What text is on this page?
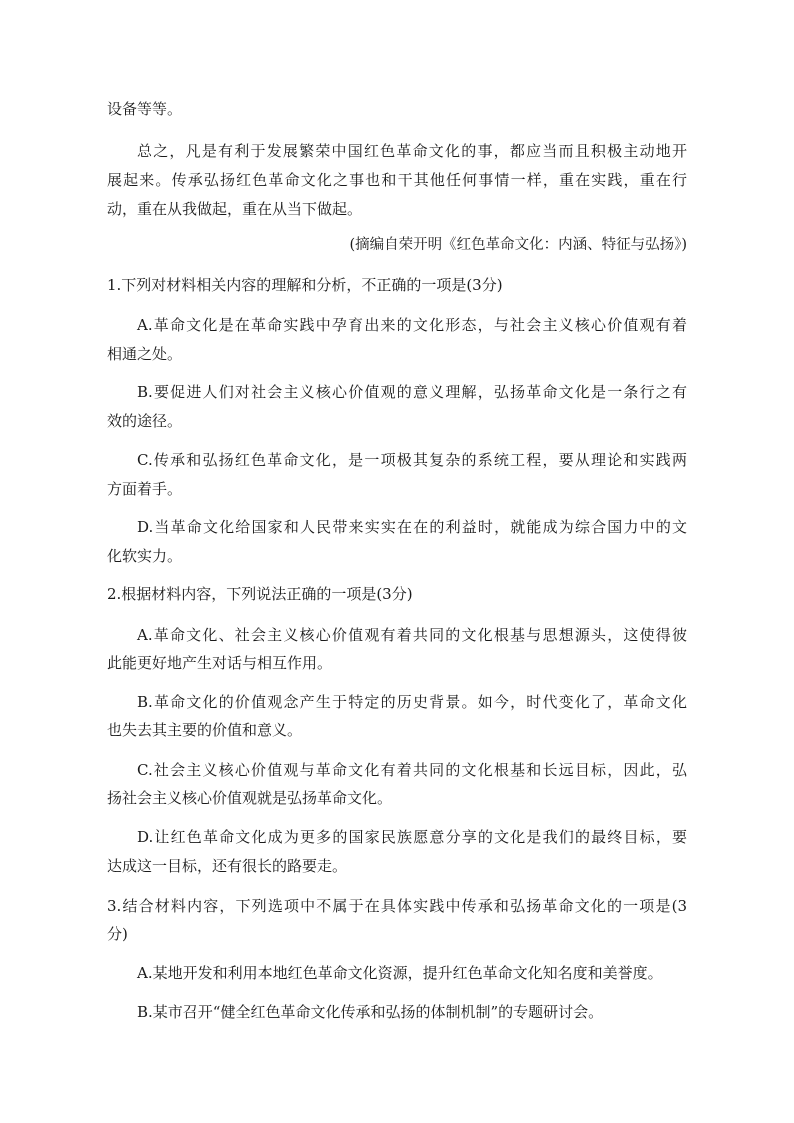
设备等等。
总之，凡是有利于发展繁荣中国红色革命文化的事，都应当而且积极主动地开
展起来。传承弘扬红色革命文化之事也和干其他任何事情一样，重在实践，重在行
动，重在从我做起，重在从当下做起。
(摘编自荣开明《红色革命文化：内涵、特征与弘扬》)
1.下列对材料相关内容的理解和分析，不正确的一项是(3分)
A.革命文化是在革命实践中孕育出来的文化形态，与社会主义核心价值观有着
相通之处。
B.要促进人们对社会主义核心价值观的意义理解，弘扬革命文化是一条行之有
效的途径。
C.传承和弘扬红色革命文化，是一项极其复杂的系统工程，要从理论和实践两
方面着手。
D.当革命文化给国家和人民带来实实在在的利益时，就能成为综合国力中的文
化软实力。
2.根据材料内容，下列说法正确的一项是(3分)
A.革命文化、社会主义核心价值观有着共同的文化根基与思想源头，这使得彼
此能更好地产生对话与相互作用。
B.革命文化的价值观念产生于特定的历史背景。如今，时代变化了，革命文化
也失去其主要的价值和意义。
C.社会主义核心价值观与革命文化有着共同的文化根基和长远目标，因此，弘
扬社会主义核心价值观就是弘扬革命文化。
D.让红色革命文化成为更多的国家民族愿意分享的文化是我们的最终目标，要
达成这一目标，还有很长的路要走。
3.结合材料内容，下列选项中不属于在具体实践中传承和弘扬革命文化的一项是(3
分)
A.某地开发和利用本地红色革命文化资源，提升红色革命文化知名度和美誉度。
B.某市召开“健全红色革命文化传承和弘扬的体制机制”的专题研讨会。
